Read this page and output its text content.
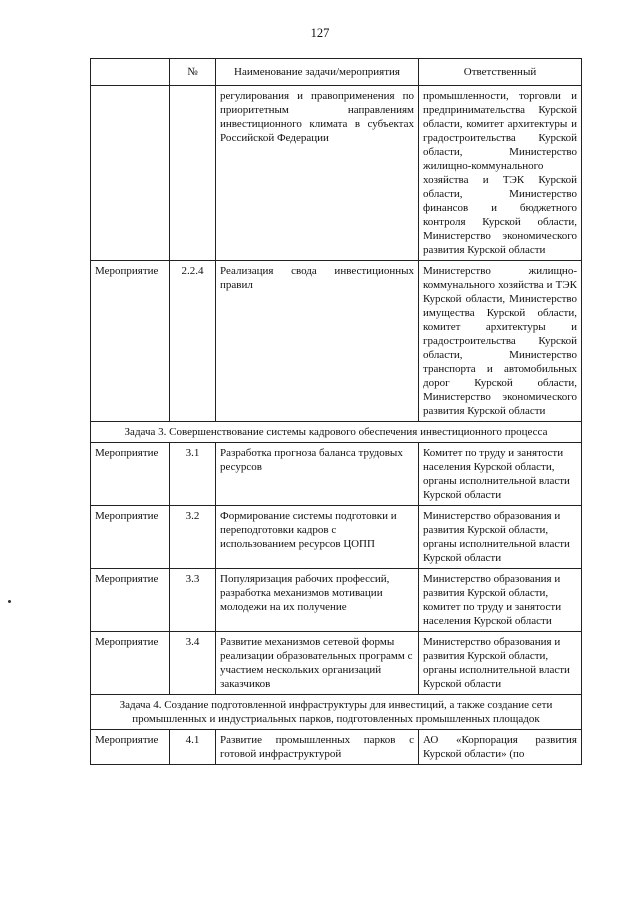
127
	№	Наименование задачи/мероприятия	Ответственный
		регулирования и правоприменения по приоритетным направлениям инвестиционного климата в субъектах Российской Федерации	промышленности, торговли и предпринимательства Курской области, комитет архитектуры и градостроительства Курской области, Министерство жилищно-коммунального хозяйства и ТЭК Курской области, Министерство финансов и бюджетного контроля Курской области, Министерство экономического развития Курской области
Мероприятие	2.2.4	Реализация свода инвестиционных правил	Министерство жилищно-коммунального хозяйства и ТЭК Курской области, Министерство имущества Курской области, комитет архитектуры и градостроительства Курской области, Министерство транспорта и автомобильных дорог Курской области, Министерство экономического развития Курской области
Задача 3. Совершенствование системы кадрового обеспечения инвестиционного процесса			
Мероприятие	3.1	Разработка прогноза баланса трудовых ресурсов	Комитет по труду и занятости населения Курской области, органы исполнительной власти Курской области
Мероприятие	3.2	Формирование системы подготовки и переподготовки кадров с использованием ресурсов ЦОПП	Министерство образования и развития Курской области, органы исполнительной власти Курской области
Мероприятие	3.3	Популяризация рабочих профессий, разработка механизмов мотивации молодежи на их получение	Министерство образования и развития Курской области, комитет по труду и занятости населения Курской области
Мероприятие	3.4	Развитие механизмов сетевой формы реализации образовательных программ с участием нескольких организаций заказчиков	Министерство образования и развития Курской области, органы исполнительной власти Курской области
Задача 4. Создание подготовленной инфраструктуры для инвестиций, а также создание сети промышленных и индустриальных парков, подготовленных промышленных площадок			
Мероприятие	4.1	Развитие промышленных парков с готовой инфраструктурой	АО «Корпорация развития Курской области» (по
